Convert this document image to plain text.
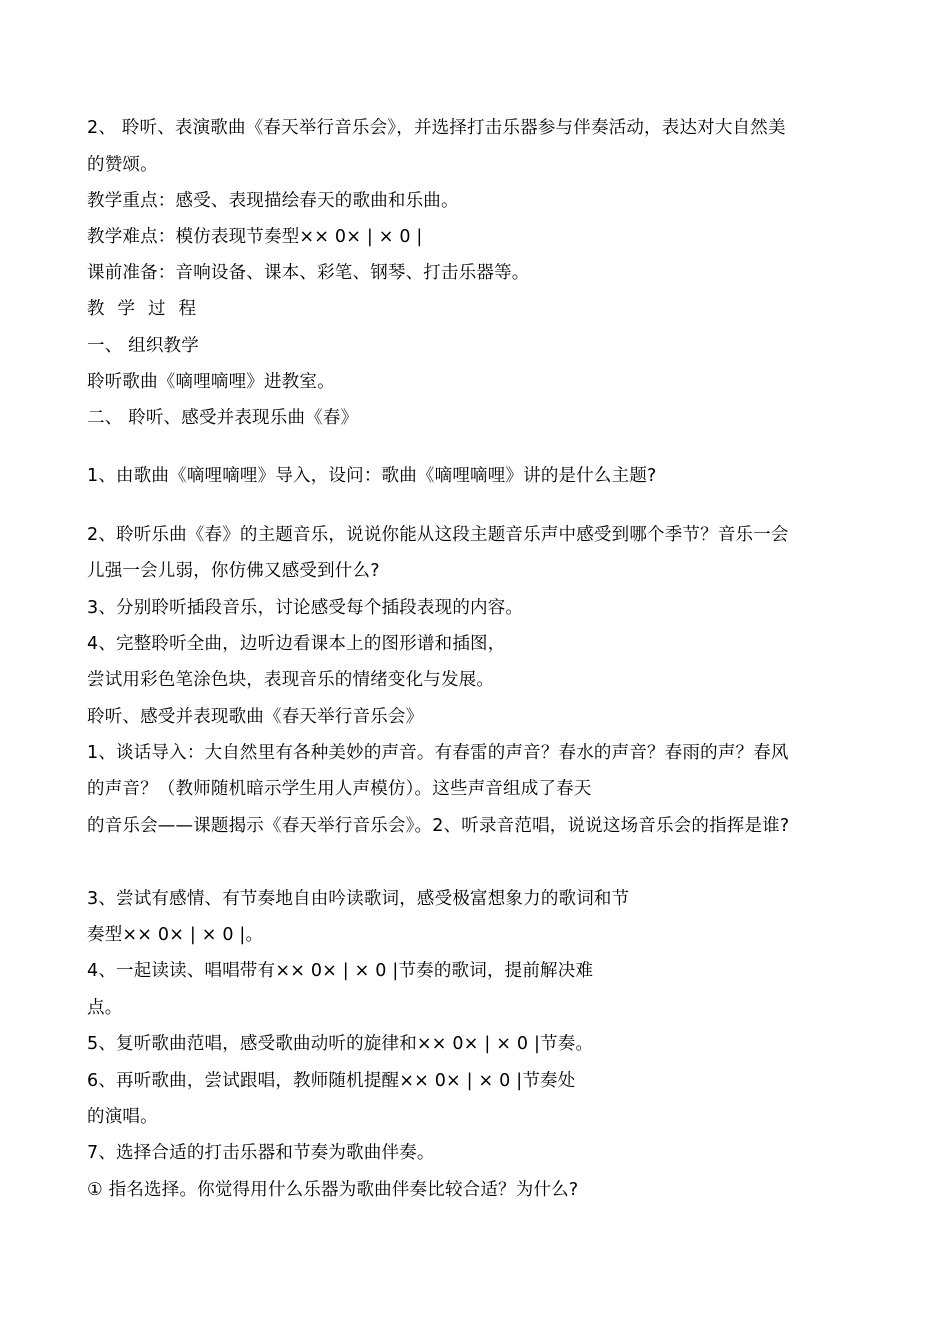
2、 聆听、表演歌曲《春天举行音乐会》，并选择打击乐器参与伴奏活动，表达对大自然美
的赞颂。
教学重点：感受、表现描绘春天的歌曲和乐曲。
教学难点：模仿表现节奏型×× 0× | × 0 |
课前准备：音响设备、课本、彩笔、钢琴、打击乐器等。
教学过程
一、 组织教学
聆听歌曲《嘀哩嘀哩》进教室。
二、 聆听、感受并表现乐曲《春》
1、由歌曲《嘀哩嘀哩》导入，设问：歌曲《嘀哩嘀哩》讲的是什么主题?
2、聆听乐曲《春》的主题音乐，说说你能从这段主题音乐声中感受到哪个季节？音乐一会
儿强一会儿弱，你仿佛又感受到什么?
3、分别聆听插段音乐，讨论感受每个插段表现的内容。
4、完整聆听全曲，边听边看课本上的图形谱和插图，
尝试用彩色笔涂色块，表现音乐的情绪变化与发展。
聆听、感受并表现歌曲《春天举行音乐会》
1、谈话导入：大自然里有各种美妙的声音。有春雷的声音？春水的声音？春雨的声？春风
的声音？（教师随机暗示学生用人声模仿）。这些声音组成了春天
的音乐会——课题揭示《春天举行音乐会》。2、听录音范唱，说说这场音乐会的指挥是谁?
3、尝试有感情、有节奏地自由吟读歌词，感受极富想象力的歌词和节
奏型×× 0× | × 0 |。
4、一起读读、唱唱带有×× 0× | × 0 |节奏的歌词，提前解决难
点。
5、复听歌曲范唱，感受歌曲动听的旋律和×× 0× | × 0 |节奏。
6、再听歌曲，尝试跟唱，教师随机提醒×× 0× | × 0 |节奏处
的演唱。
7、选择合适的打击乐器和节奏为歌曲伴奏。
① 指名选择。你觉得用什么乐器为歌曲伴奏比较合适？为什么?
